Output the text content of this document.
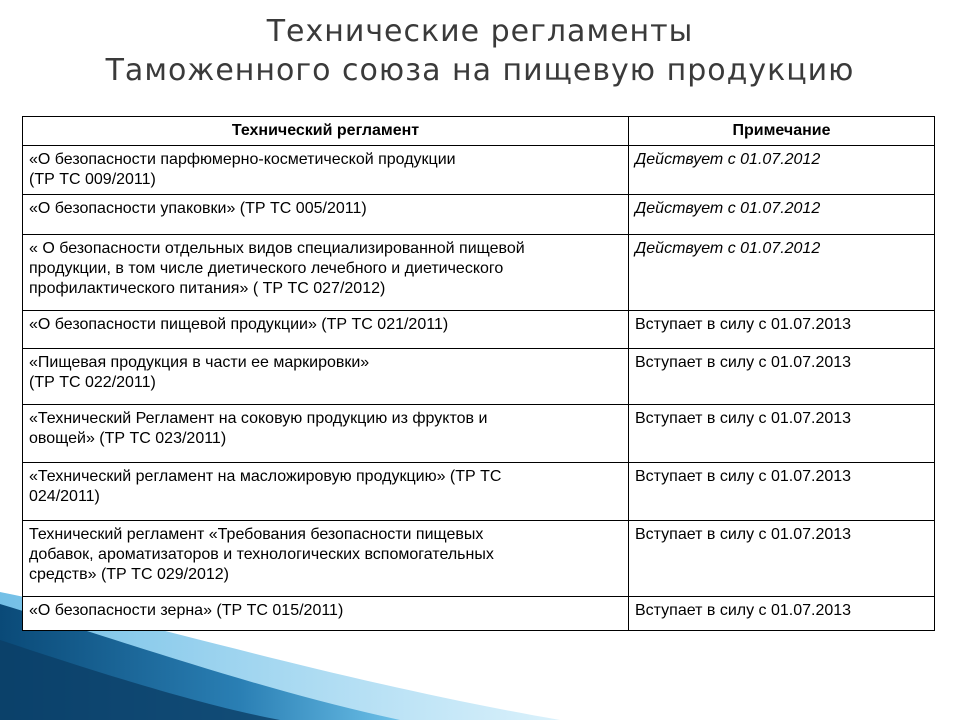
Технические регламенты
Таможенного союза на пищевую продукцию
Технический регламент	Примечание
«О безопасности парфюмерно-косметической продукции
(ТР ТС 009/2011)	Действует с 01.07.2012
«О безопасности упаковки» (ТР ТС 005/2011)	Действует с 01.07.2012
« О безопасности отдельных видов специализированной пищевой
продукции, в том числе диетического лечебного и диетического
профилактического питания» ( ТР ТС 027/2012)	Действует с 01.07.2012
«О безопасности пищевой продукции» (ТР ТС 021/2011)	Вступает в силу с 01.07.2013
«Пищевая продукция в части ее маркировки»
(ТР ТС 022/2011)	Вступает в силу с 01.07.2013
«Технический Регламент на соковую продукцию из фруктов и
овощей» (ТР ТС 023/2011)	Вступает в силу с 01.07.2013
«Технический регламент на масложировую продукцию» (ТР ТС
024/2011)	Вступает в силу с 01.07.2013
Технический регламент «Требования безопасности пищевых
добавок, ароматизаторов и технологических вспомогательных
средств» (ТР ТС 029/2012)	Вступает в силу с 01.07.2013
«О безопасности зерна» (ТР ТС 015/2011)	Вступает в силу с 01.07.2013
